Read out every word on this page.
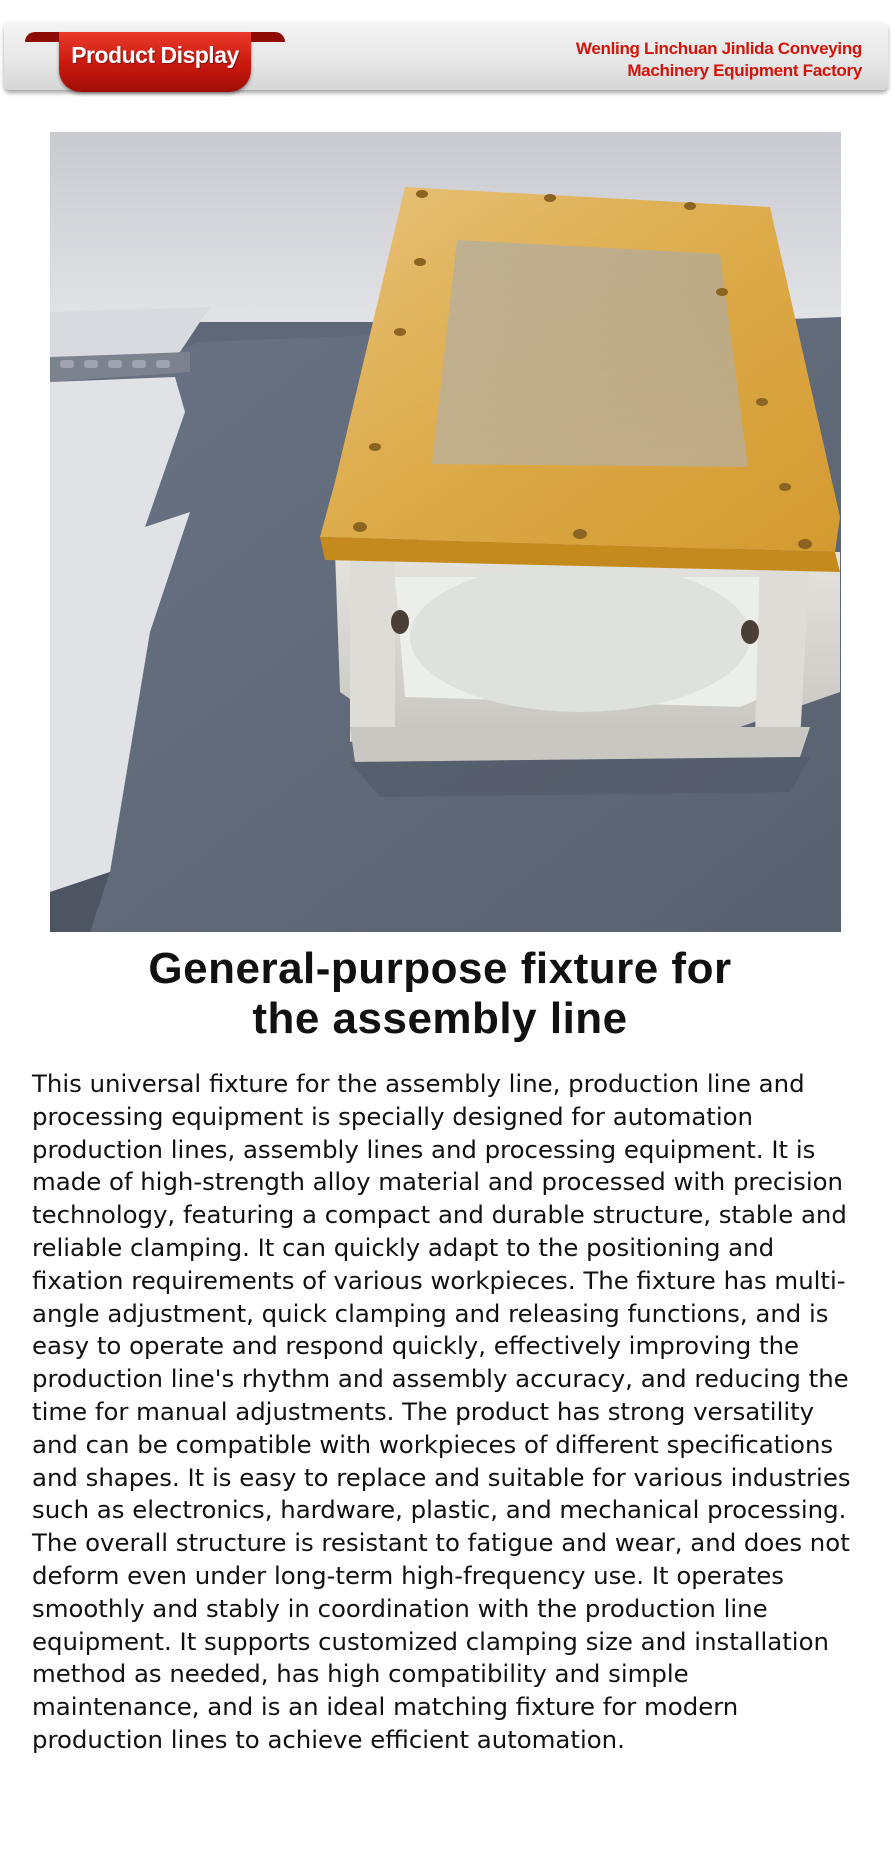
Product Display	Wenling Linchuan Jinlida Conveying
Machinery Equipment Factory
General-purpose fixture for
the assembly line

This universal fixture for the assembly line, production line and processing equipment is specially designed for automation production lines, assembly lines and processing equipment. It is made of high-strength alloy material and processed with precision technology, featuring a compact and durable structure, stable and reliable clamping. It can quickly adapt to the positioning and fixation requirements of various workpieces. The fixture has multi-angle adjustment, quick clamping and releasing functions, and is easy to operate and respond quickly, effectively improving the production line's rhythm and assembly accuracy, and reducing the time for manual adjustments. The product has strong versatility and can be compatible with workpieces of different specifications and shapes. It is easy to replace and suitable for various industries such as electronics, hardware, plastic, and mechanical processing. The overall structure is resistant to fatigue and wear, and does not deform even under long-term high-frequency use. It operates smoothly and stably in coordination with the production line equipment. It supports customized clamping size and installation method as needed, has high compatibility and simple maintenance, and is an ideal matching fixture for modern production lines to achieve efficient automation.
